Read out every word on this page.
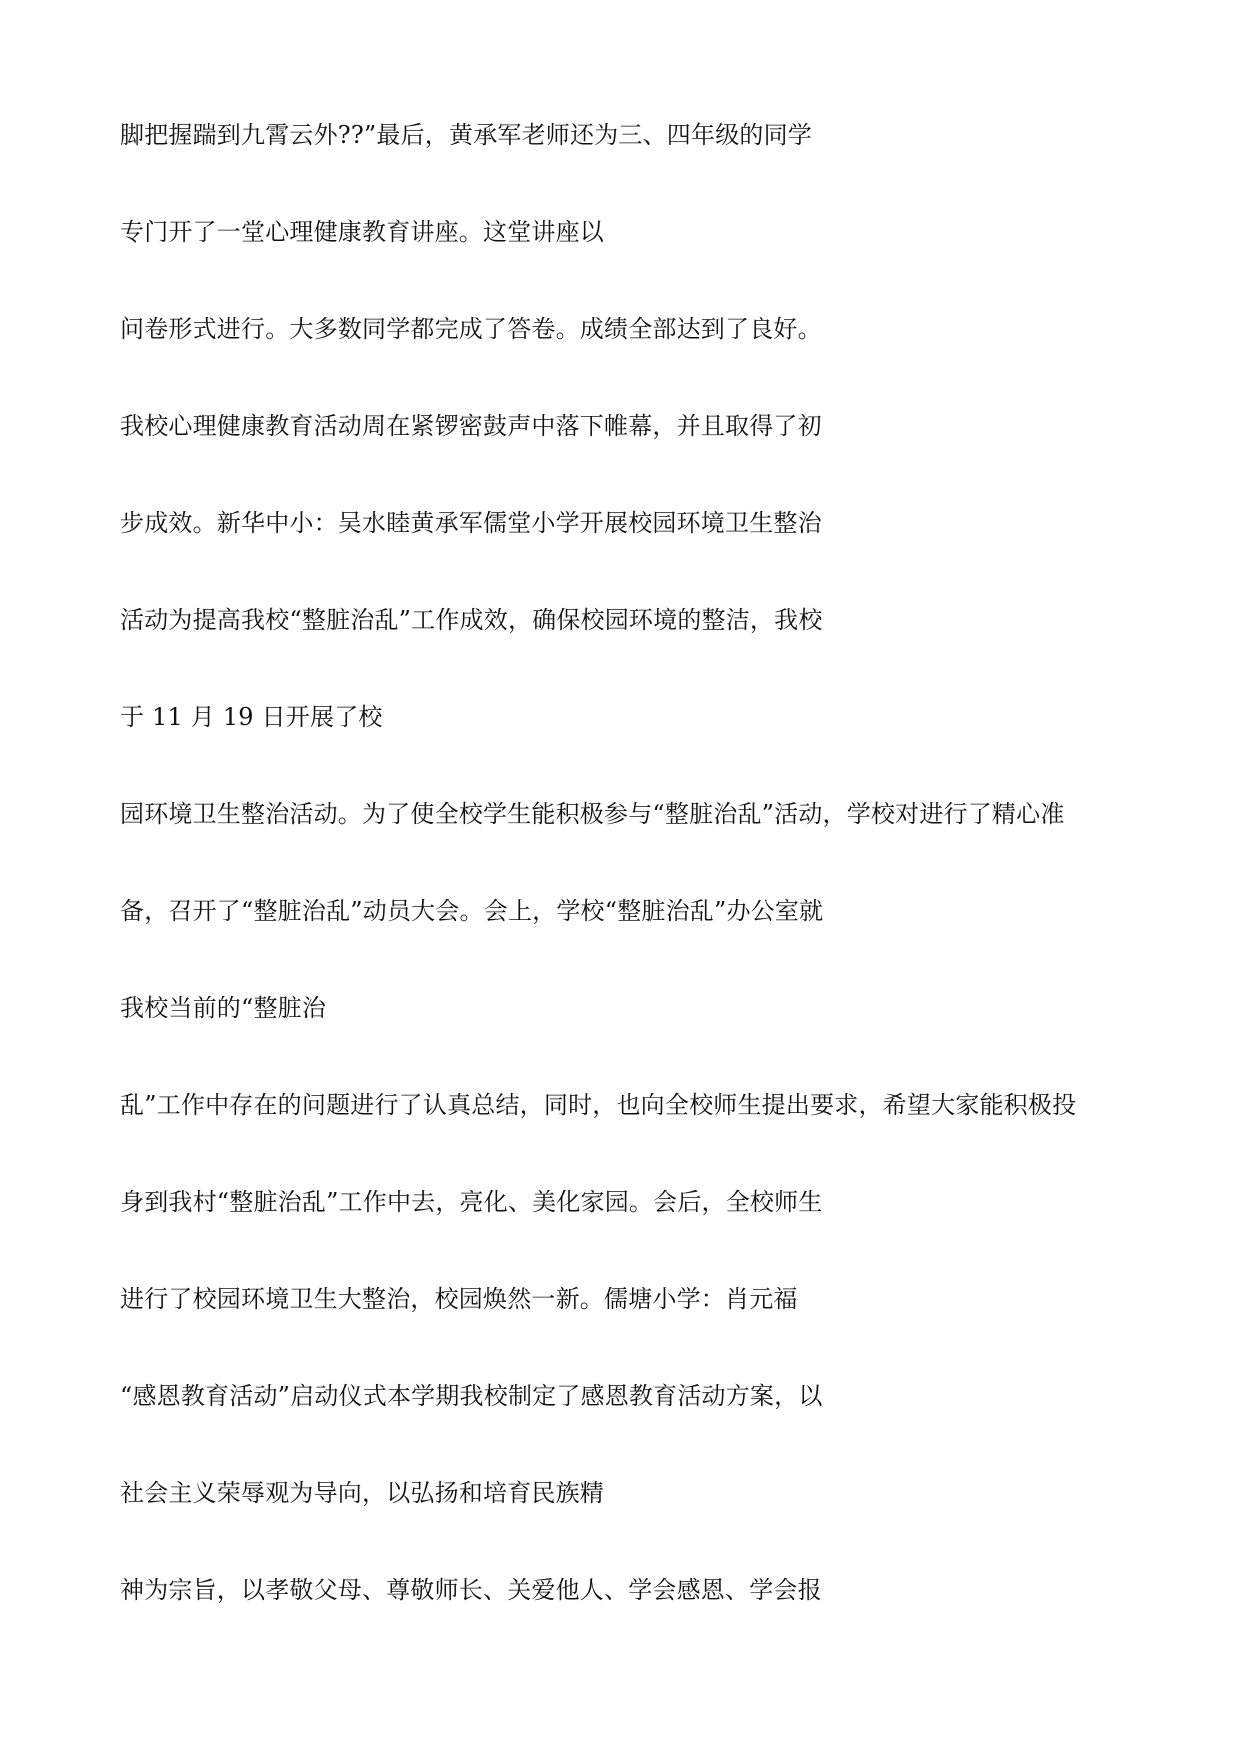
脚把握踹到九霄云外??”最后，黄承军老师还为三、四年级的同学
专门开了一堂心理健康教育讲座。这堂讲座以
问卷形式进行。大多数同学都完成了答卷。成绩全部达到了良好。
我校心理健康教育活动周在紧锣密鼓声中落下帷幕，并且取得了初
步成效。新华中小：吴水睦黄承军儒堂小学开展校园环境卫生整治
活动为提高我校“整脏治乱”工作成效，确保校园环境的整洁，我校
于 11 月 19 日开展了校
园环境卫生整治活动。为了使全校学生能积极参与“整脏治乱”活动，学校对进行了精心准
备，召开了“整脏治乱”动员大会。会上，学校“整脏治乱”办公室就
我校当前的“整脏治
乱”工作中存在的问题进行了认真总结，同时，也向全校师生提出要求，希望大家能积极投
身到我村“整脏治乱”工作中去，亮化、美化家园。会后，全校师生
进行了校园环境卫生大整治，校园焕然一新。儒塘小学：肖元福
“感恩教育活动”启动仪式本学期我校制定了感恩教育活动方案，以
社会主义荣辱观为导向，以弘扬和培育民族精
神为宗旨，以孝敬父母、尊敬师长、关爱他人、学会感恩、学会报
